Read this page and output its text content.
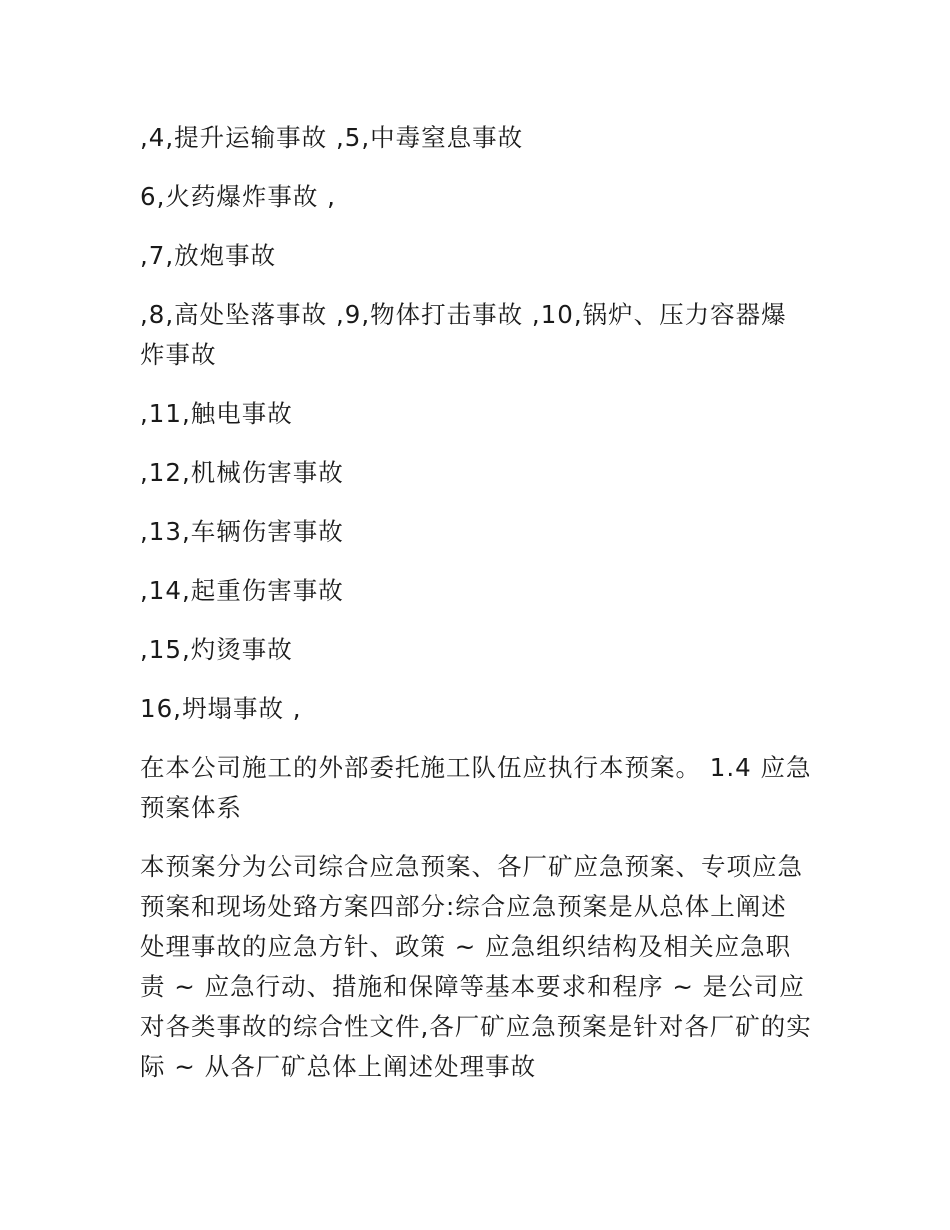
,4,提升运输事故 ,5,中毒窒息事故

6,火药爆炸事故 ,

,7,放炮事故

,8,高处坠落事故 ,9,物体打击事故 ,10,锅炉、压力容器爆炸事故

,11,触电事故

,12,机械伤害事故

,13,车辆伤害事故

,14,起重伤害事故

,15,灼烫事故

16,坍塌事故 ,

在本公司施工的外部委托施工队伍应执行本预案。 1.4 应急预案体系

本预案分为公司综合应急预案、各厂矿应急预案、专项应急预案和现场处臵方案四部分:综合应急预案是从总体上阐述处理事故的应急方针、政策 ~ 应急组织结构及相关应急职责 ~ 应急行动、措施和保障等基本要求和程序 ~ 是公司应对各类事故的综合性文件,各厂矿应急预案是针对各厂矿的实际 ~ 从各厂矿总体上阐述处理事故
